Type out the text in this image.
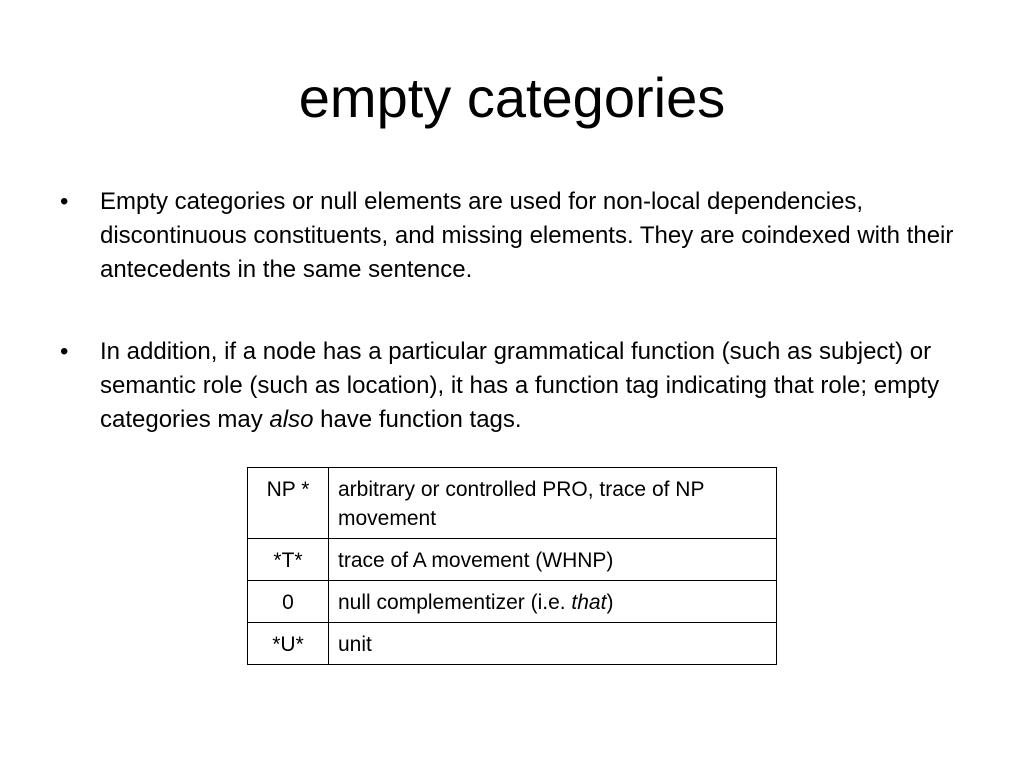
empty categories
• Empty categories or null elements are used for non-local dependencies, discontinuous constituents, and missing elements. They are coindexed with their antecedents in the same sentence.
• In addition, if a node has a particular grammatical function (such as subject) or semantic role (such as location), it has a function tag indicating that role; empty categories may also have function tags.
NP *	arbitrary or controlled PRO, trace of NP movement
*T*	trace of A movement (WHNP)
0	null complementizer (i.e. that)
*U*	unit
